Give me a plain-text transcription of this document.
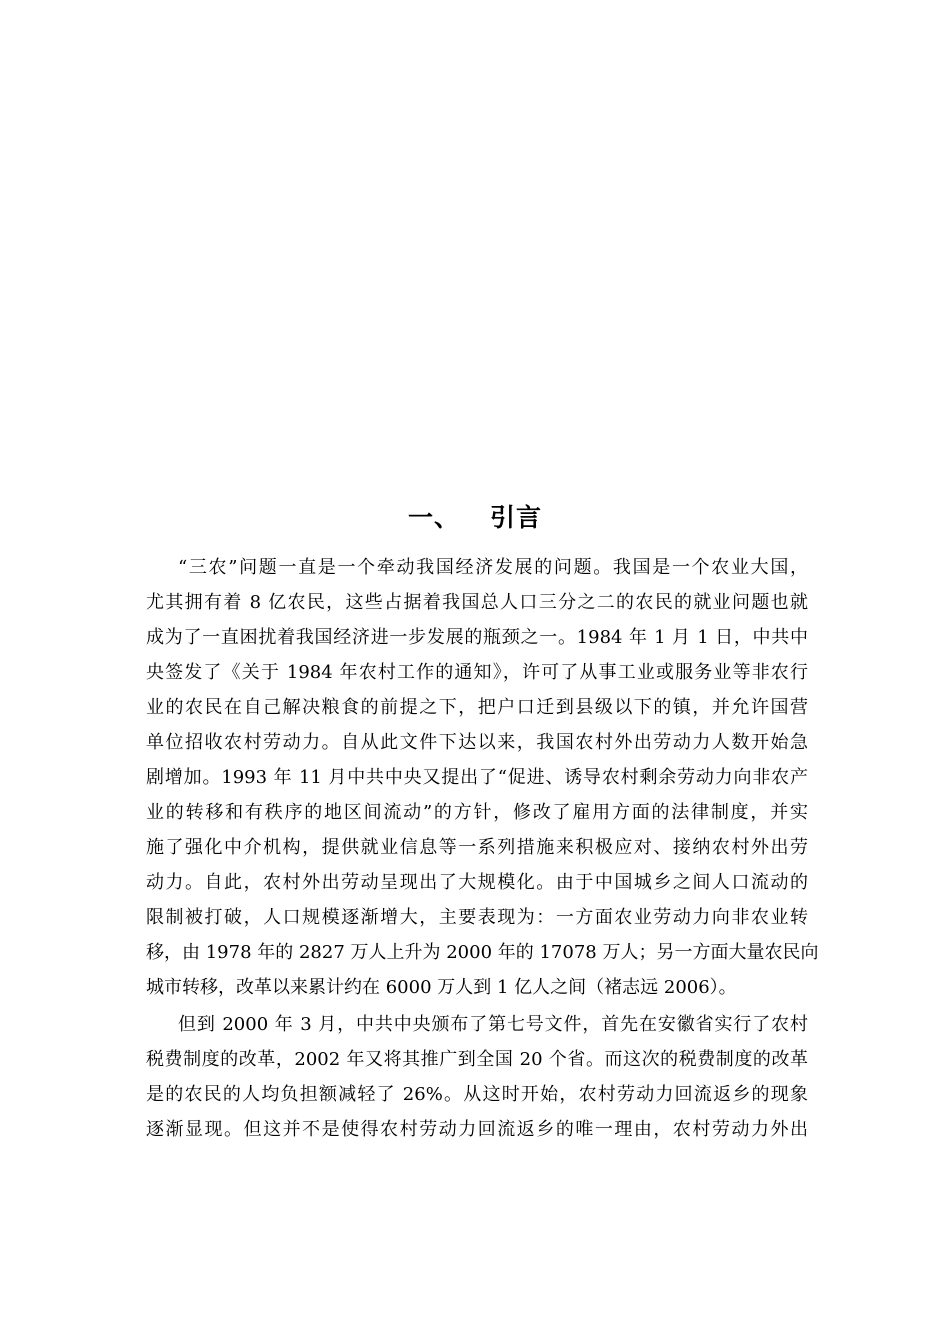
一、 引言
“三农”问题一直是一个牵动我国经济发展的问题。我国是一个农业大国，
尤其拥有着 8 亿农民，这些占据着我国总人口三分之二的农民的就业问题也就
成为了一直困扰着我国经济进一步发展的瓶颈之一。1984 年 1 月 1 日，中共中
央签发了《关于 1984 年农村工作的通知》，许可了从事工业或服务业等非农行
业的农民在自己解决粮食的前提之下，把户口迁到县级以下的镇，并允许国营
单位招收农村劳动力。自从此文件下达以来，我国农村外出劳动力人数开始急
剧增加。1993 年 11 月中共中央又提出了“促进、诱导农村剩余劳动力向非农产
业的转移和有秩序的地区间流动”的方针，修改了雇用方面的法律制度，并实
施了强化中介机构，提供就业信息等一系列措施来积极应对、接纳农村外出劳
动力。自此，农村外出劳动呈现出了大规模化。由于中国城乡之间人口流动的
限制被打破，人口规模逐渐增大，主要表现为：一方面农业劳动力向非农业转
移，由 1978 年的 2827 万人上升为 2000 年的 17078 万人；另一方面大量农民向
城市转移，改革以来累计约在 6000 万人到 1 亿人之间（褚志远 2006）。
但到 2000 年 3 月，中共中央颁布了第七号文件，首先在安徽省实行了农村
税费制度的改革，2002 年又将其推广到全国 20 个省。而这次的税费制度的改革
是的农民的人均负担额减轻了 26%。从这时开始，农村劳动力回流返乡的现象
逐渐显现。但这并不是使得农村劳动力回流返乡的唯一理由，农村劳动力外出
